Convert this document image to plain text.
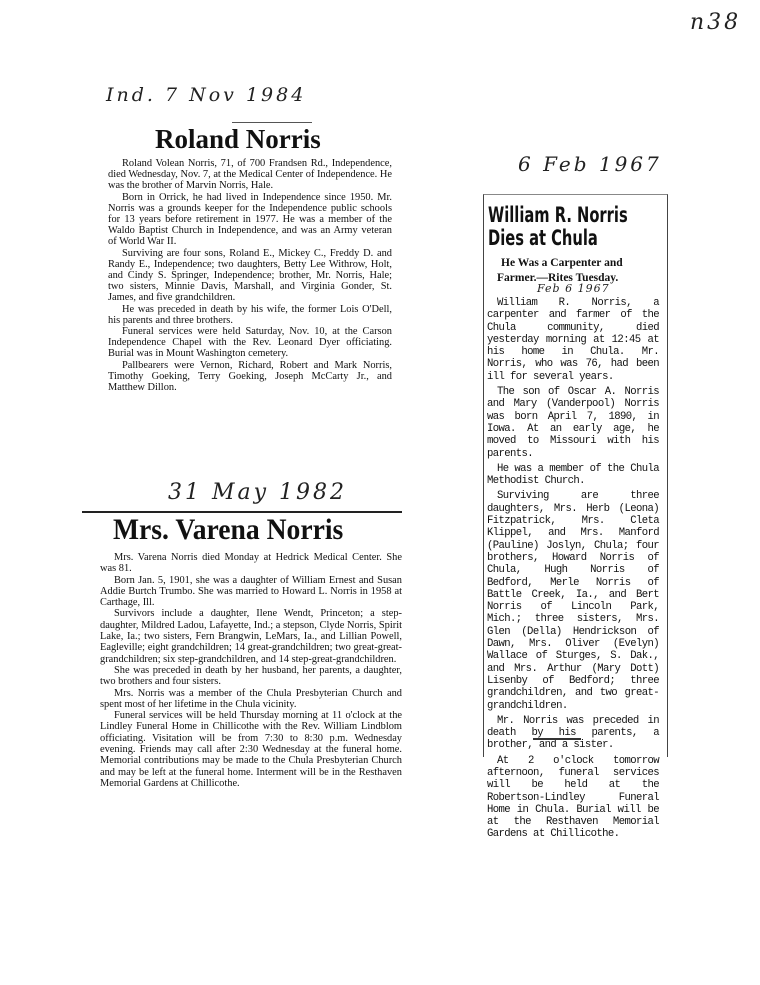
n38
Ind. 7 Nov 1984
Roland Norris

Roland Volean Norris, 71, of 700 Frandsen Rd., Independence, died Wednesday, Nov. 7, at the Medical Center of Independence. He was the brother of Marvin Norris, Hale.

Born in Orrick, he had lived in Independence since 1950. Mr. Norris was a grounds keeper for the Independence public schools for 13 years before retirement in 1977. He was a member of the Waldo Baptist Church in Independence, and was an Army veteran of World War II.

Surviving are four sons, Roland E., Mickey C., Freddy D. and Randy E., Independence; two daughters, Betty Lee Withrow, Holt, and Cindy S. Springer, Independence; brother, Mr. Norris, Hale; two sisters, Minnie Davis, Marshall, and Virginia Gonder, St. James, and five grandchildren.

He was preceded in death by his wife, the former Lois O'Dell, his parents and three brothers.

Funeral services were held Saturday, Nov. 10, at the Carson Independence Chapel with the Rev. Leonard Dyer officiating. Burial was in Mount Washington cemetery.

Pallbearers were Vernon, Richard, Robert and Mark Norris, Timothy Goeking, Terry Goeking, Joseph McCarty Jr., and Matthew Dillon.

31 May 1982
Mrs. Varena Norris

Mrs. Varena Norris died Monday at Hedrick Medical Center. She was 81.

Born Jan. 5, 1901, she was a daughter of William Ernest and Susan Addie Burtch Trumbo. She was married to Howard L. Norris in 1958 at Carthage, Ill.

Survivors include a daughter, Ilene Wendt, Princeton; a step-daughter, Mildred Ladou, Lafayette, Ind.; a stepson, Clyde Norris, Spirit Lake, Ia.; two sisters, Fern Brangwin, LeMars, Ia., and Lillian Powell, Eagleville; eight grandchildren; 14 great-grandchildren; two great-great-grandchildren; six step-grandchildren, and 14 step-great-grandchildren.

She was preceded in death by her husband, her parents, a daughter, two brothers and four sisters.

Mrs. Norris was a member of the Chula Presbyterian Church and spent most of her lifetime in the Chula vicinity.

Funeral services will be held Thursday morning at 11 o'clock at the Lindley Funeral Home in Chillicothe with the Rev. William Lindblom officiating. Visitation will be from 7:30 to 8:30 p.m. Wednesday evening. Friends may call after 2:30 Wednesday at the funeral home. Memorial contributions may be made to the Chula Presbyterian Church and may be left at the funeral home. Interment will be in the Resthaven Memorial Gardens at Chillicothe.

6 Feb 1967
William R. Norris
Dies at Chula
He Was a Carpenter and
Farmer.—Rites Tuesday.
Feb 6 1967

William R. Norris, a carpenter and farmer of the Chula community, died yesterday morning at 12:45 at his home in Chula. Mr. Norris, who was 76, had been ill for several years.

The son of Oscar A. Norris and Mary (Vanderpool) Norris was born April 7, 1890, in Iowa. At an early age, he moved to Missouri with his parents.

He was a member of the Chula Methodist Church.

Surviving are three daughters, Mrs. Herb (Leona) Fitzpatrick, Mrs. Cleta Klippel, and Mrs. Manford (Pauline) Joslyn, Chula; four brothers, Howard Norris of Chula, Hugh Norris of Bedford, Merle Norris of Battle Creek, Ia., and Bert Norris of Lincoln Park, Mich.; three sisters, Mrs. Glen (Della) Hendrickson of Dawn, Mrs. Oliver (Evelyn) Wallace of Sturges, S. Dak., and Mrs. Arthur (Mary Dott) Lisenby of Bedford; three grandchildren, and two great-grandchildren.

Mr. Norris was preceded in death by his parents, a brother, and a sister.

At 2 o'clock tomorrow afternoon, funeral services will be held at the Robertson-Lindley Funeral Home in Chula. Burial will be at the Resthaven Memorial Gardens at Chillicothe.
